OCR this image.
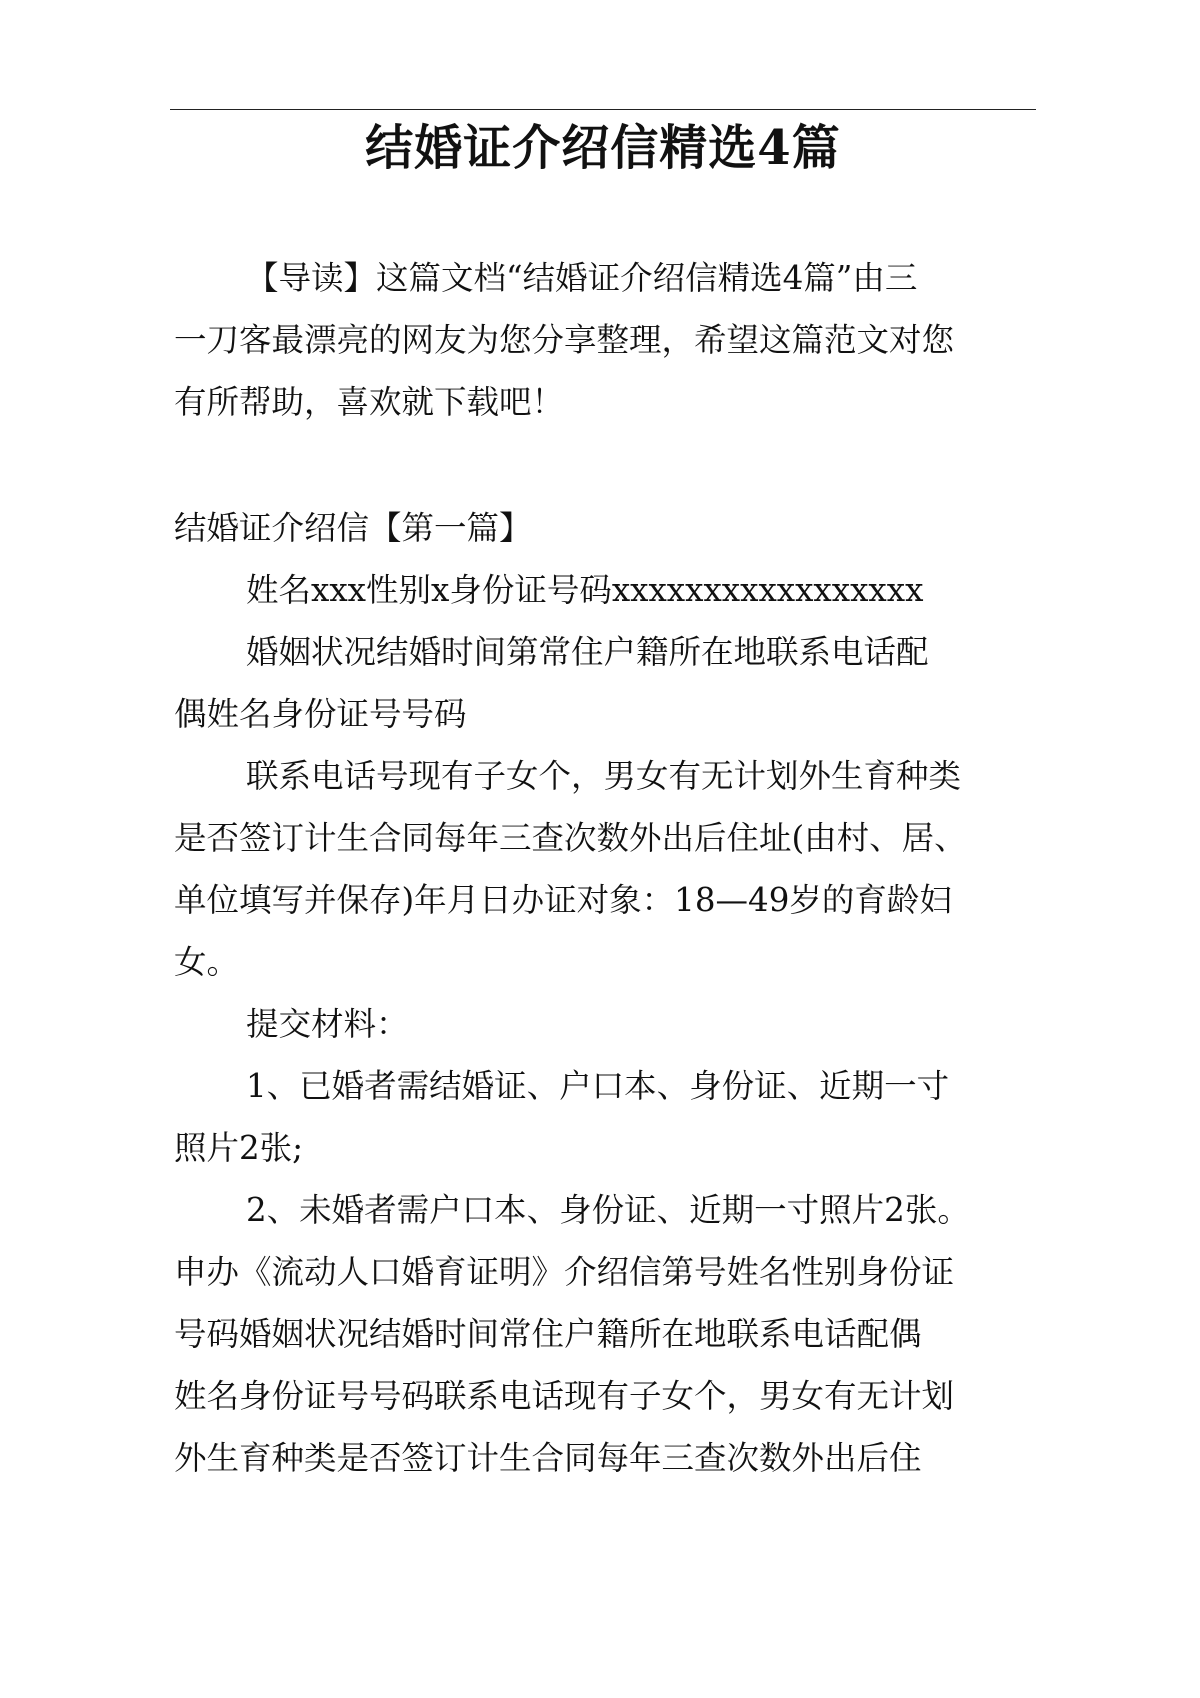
结婚证介绍信精选4篇
【导读】这篇文档“结婚证介绍信精选4篇”由三
一刀客最漂亮的网友为您分享整理，希望这篇范文对您
有所帮助，喜欢就下载吧！
结婚证介绍信【第一篇】
姓名xxx性别x身份证号码xxxxxxxxxxxxxxxxx
婚姻状况结婚时间第常住户籍所在地联系电话配
偶姓名身份证号号码
联系电话号现有子女个，男女有无计划外生育种类
是否签订计生合同每年三查次数外出后住址(由村、居、
单位填写并保存)年月日办证对象：18—49岁的育龄妇
女。
提交材料：
1、已婚者需结婚证、户口本、身份证、近期一寸
照片2张;
2、未婚者需户口本、身份证、近期一寸照片2张。
申办《流动人口婚育证明》介绍信第号姓名性别身份证
号码婚姻状况结婚时间常住户籍所在地联系电话配偶
姓名身份证号号码联系电话现有子女个，男女有无计划
外生育种类是否签订计生合同每年三查次数外出后住
